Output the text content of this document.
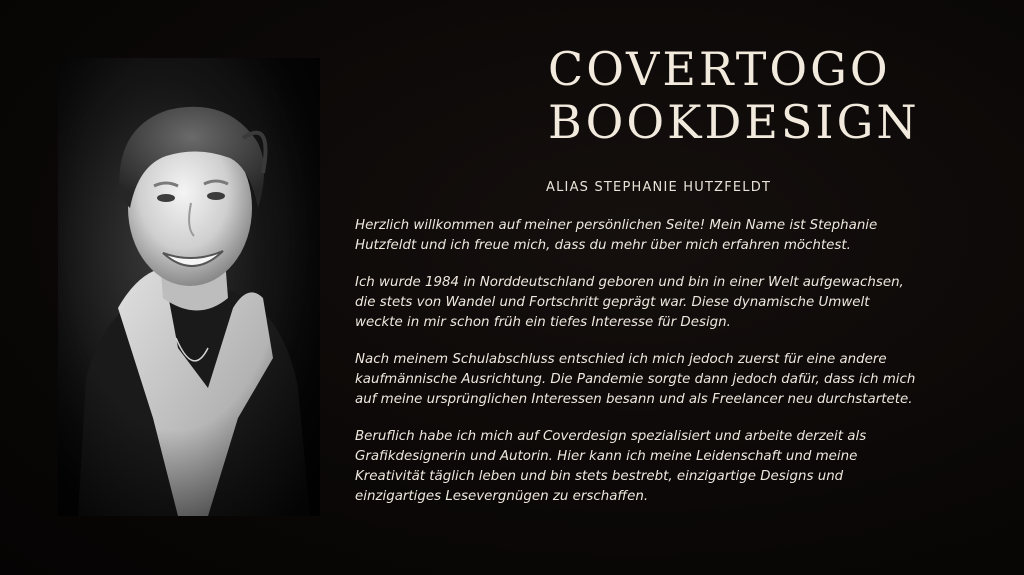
COVERTOGO
BOOKDESIGN
ALIAS STEPHANIE HUTZFELDT

Herzlich willkommen auf meiner persönlichen Seite! Mein Name ist Stephanie
Hutzfeldt und ich freue mich, dass du mehr über mich erfahren möchtest.

Ich wurde 1984 in Norddeutschland geboren und bin in einer Welt aufgewachsen,
die stets von Wandel und Fortschritt geprägt war. Diese dynamische Umwelt
weckte in mir schon früh ein tiefes Interesse für Design.

Nach meinem Schulabschluss entschied ich mich jedoch zuerst für eine andere
kaufmännische Ausrichtung. Die Pandemie sorgte dann jedoch dafür, dass ich mich
auf meine ursprünglichen Interessen besann und als Freelancer neu durchstartete.

Beruflich habe ich mich auf Coverdesign spezialisiert und arbeite derzeit als
Grafikdesignerin und Autorin. Hier kann ich meine Leidenschaft und meine
Kreativität täglich leben und bin stets bestrebt, einzigartige Designs und
einzigartiges Lesevergnügen zu erschaffen.
